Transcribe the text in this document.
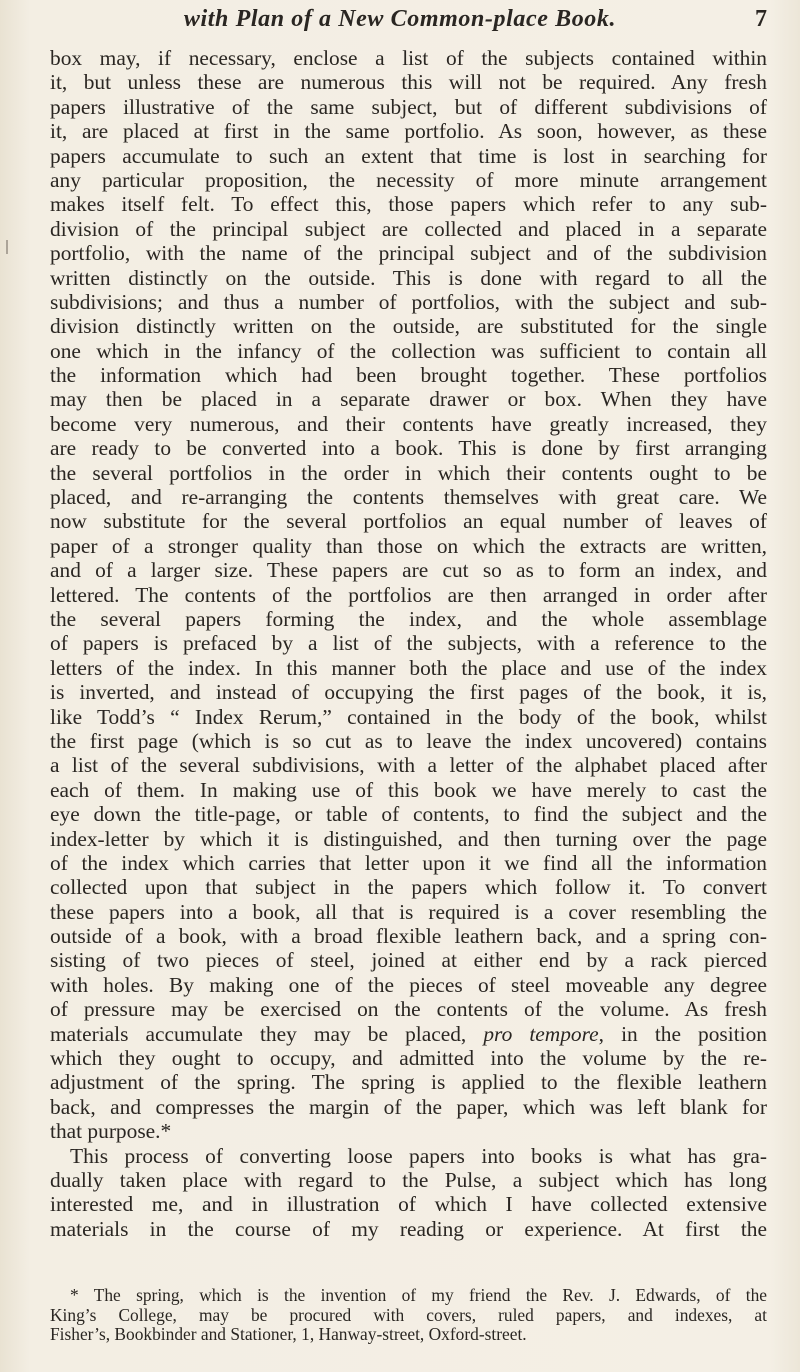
with Plan of a New Common-place Book.	7
box may, if necessary, enclose a list of the subjects contained within
it, but unless these are numerous this will not be required. Any fresh
papers illustrative of the same subject, but of different subdivisions of
it, are placed at first in the same portfolio. As soon, however, as these
papers accumulate to such an extent that time is lost in searching for
any particular proposition, the necessity of more minute arrangement
makes itself felt. To effect this, those papers which refer to any sub-
division of the principal subject are collected and placed in a separate
portfolio, with the name of the principal subject and of the subdivision
written distinctly on the outside. This is done with regard to all the
subdivisions; and thus a number of portfolios, with the subject and sub-
division distinctly written on the outside, are substituted for the single
one which in the infancy of the collection was sufficient to contain all
the information which had been brought together. These portfolios
may then be placed in a separate drawer or box. When they have
become very numerous, and their contents have greatly increased, they
are ready to be converted into a book. This is done by first arranging
the several portfolios in the order in which their contents ought to be
placed, and re-arranging the contents themselves with great care. We
now substitute for the several portfolios an equal number of leaves of
paper of a stronger quality than those on which the extracts are written,
and of a larger size. These papers are cut so as to form an index, and
lettered. The contents of the portfolios are then arranged in order after
the several papers forming the index, and the whole assemblage
of papers is prefaced by a list of the subjects, with a reference to the
letters of the index. In this manner both the place and use of the index
is inverted, and instead of occupying the first pages of the book, it is,
like Todd’s “ Index Rerum,” contained in the body of the book, whilst
the first page (which is so cut as to leave the index uncovered) contains
a list of the several subdivisions, with a letter of the alphabet placed after
each of them. In making use of this book we have merely to cast the
eye down the title-page, or table of contents, to find the subject and the
index-letter by which it is distinguished, and then turning over the page
of the index which carries that letter upon it we find all the information
collected upon that subject in the papers which follow it. To convert
these papers into a book, all that is required is a cover resembling the
outside of a book, with a broad flexible leathern back, and a spring con-
sisting of two pieces of steel, joined at either end by a rack pierced
with holes. By making one of the pieces of steel moveable any degree
of pressure may be exercised on the contents of the volume. As fresh
materials accumulate they may be placed, pro tempore, in the position
which they ought to occupy, and admitted into the volume by the re-
adjustment of the spring. The spring is applied to the flexible leathern
back, and compresses the margin of the paper, which was left blank for
that purpose.*
This process of converting loose papers into books is what has gra-
dually taken place with regard to the Pulse, a subject which has long
interested me, and in illustration of which I have collected extensive
materials in the course of my reading or experience. At first the
* The spring, which is the invention of my friend the Rev. J. Edwards, of the
King’s College, may be procured with covers, ruled papers, and indexes, at
Fisher’s, Bookbinder and Stationer, 1, Hanway-street, Oxford-street.
